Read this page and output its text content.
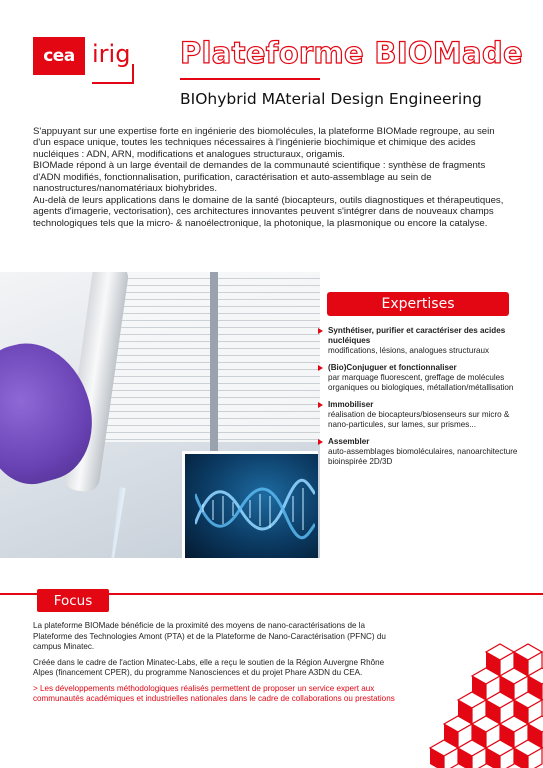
cea irig Plateforme BIOMade
BIOhybrid MAterial Design Engineering

S'appuyant sur une expertise forte en ingénierie des biomolécules, la plateforme BIOMade regroupe, au sein d'un espace unique, toutes les techniques nécessaires à l'ingénierie biochimique et chimique des acides nucléiques : ADN, ARN, modifications et analogues structuraux, origamis.

BIOMade répond à un large éventail de demandes de la communauté scientifique : synthèse de fragments d'ADN modifiés, fonctionnalisation, purification, caractérisation et auto-assemblage au sein de nanostructures/nanomatériaux biohybrides.

Au-delà de leurs applications dans le domaine de la santé (biocapteurs, outils diagnostiques et thérapeutiques, agents d'imagerie, vectorisation), ces architectures innovantes peuvent s'intégrer dans de nouveaux champs technologiques tels que la micro- & nanoélectronique, la photonique, la plasmonique ou encore la catalyse.

Expertises
Synthétiser, purifier et caractériser des acides nucléiques
modifications, lésions, analogues structuraux
(Bio)Conjuguer et fonctionnaliser
par marquage fluorescent, greffage de molécules organiques ou biologiques, métallation/métallisation
Immobiliser
réalisation de biocapteurs/biosenseurs sur micro & nano-particules, sur lames, sur prismes...
Assembler
auto-assemblages biomoléculaires, nanoarchitecture bioinspirée 2D/3D
Focus

La plateforme BIOMade bénéficie de la proximité des moyens de nano-caractérisations de la Plateforme des Technologies Amont (PTA) et de la Plateforme de Nano-Caractérisation (PFNC) du campus Minatec.

Créée dans le cadre de l'action Minatec-Labs, elle a reçu le soutien de la Région Auvergne Rhône Alpes (financement CPER), du programme Nanosciences et du projet Phare A3DN du CEA.

> Les développements méthodologiques réalisés permettent de proposer un service expert aux communautés académiques et industrielles nationales dans le cadre de collaborations ou prestations
